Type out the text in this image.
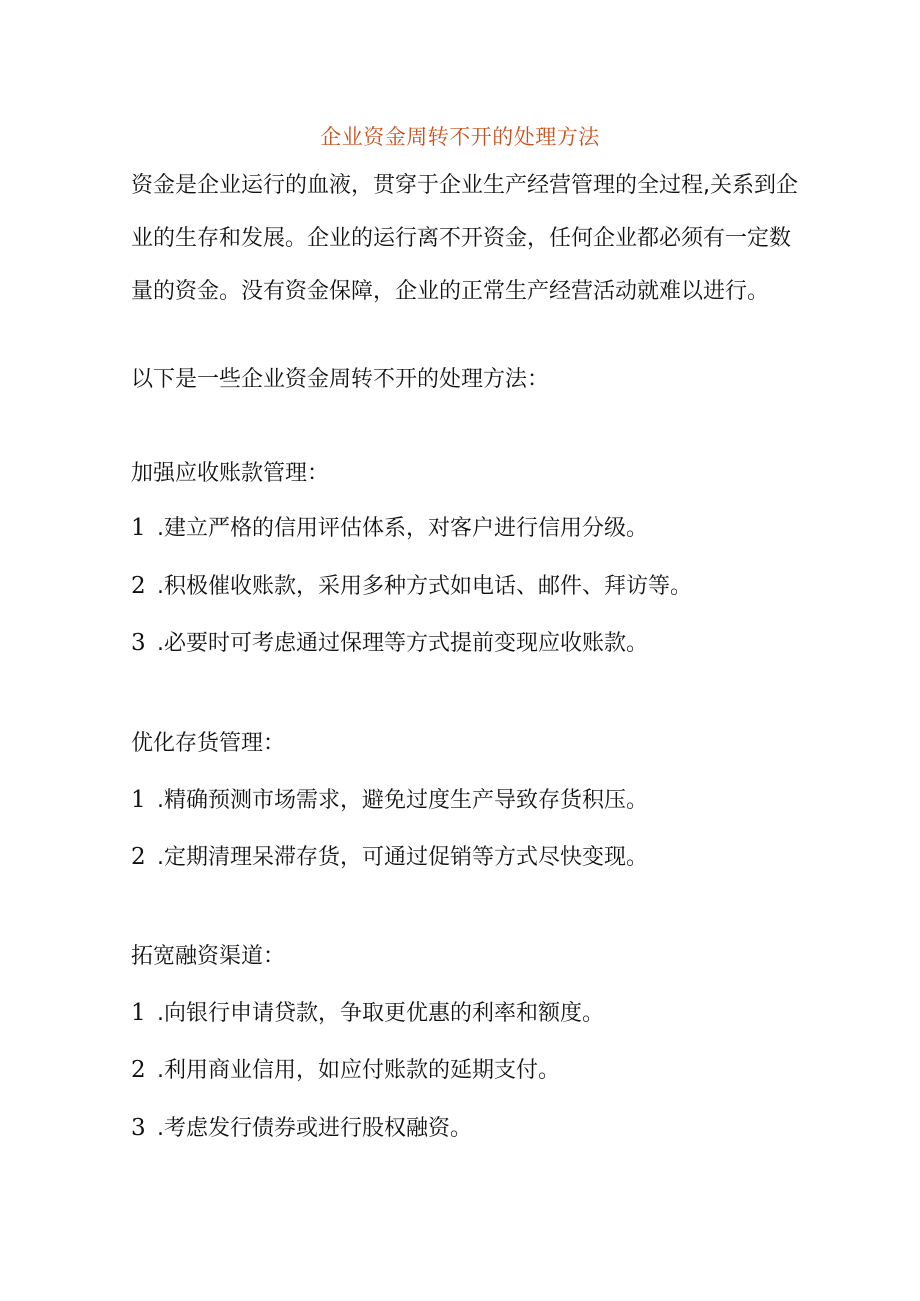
企业资金周转不开的处理方法
资金是企业运行的血液，贯穿于企业生产经营管理的全过程,关系到企
业的生存和发展。企业的运行离不开资金，任何企业都必须有一定数
量的资金。没有资金保障，企业的正常生产经营活动就难以进行。
以下是一些企业资金周转不开的处理方法：
加强应收账款管理：
1 .建立严格的信用评估体系，对客户进行信用分级。
2 .积极催收账款，采用多种方式如电话、邮件、拜访等。
3 .必要时可考虑通过保理等方式提前变现应收账款。
优化存货管理：
1 .精确预测市场需求，避免过度生产导致存货积压。
2 .定期清理呆滞存货，可通过促销等方式尽快变现。
拓宽融资渠道：
1 .向银行申请贷款，争取更优惠的利率和额度。
2 .利用商业信用，如应付账款的延期支付。
3 .考虑发行债券或进行股权融资。
